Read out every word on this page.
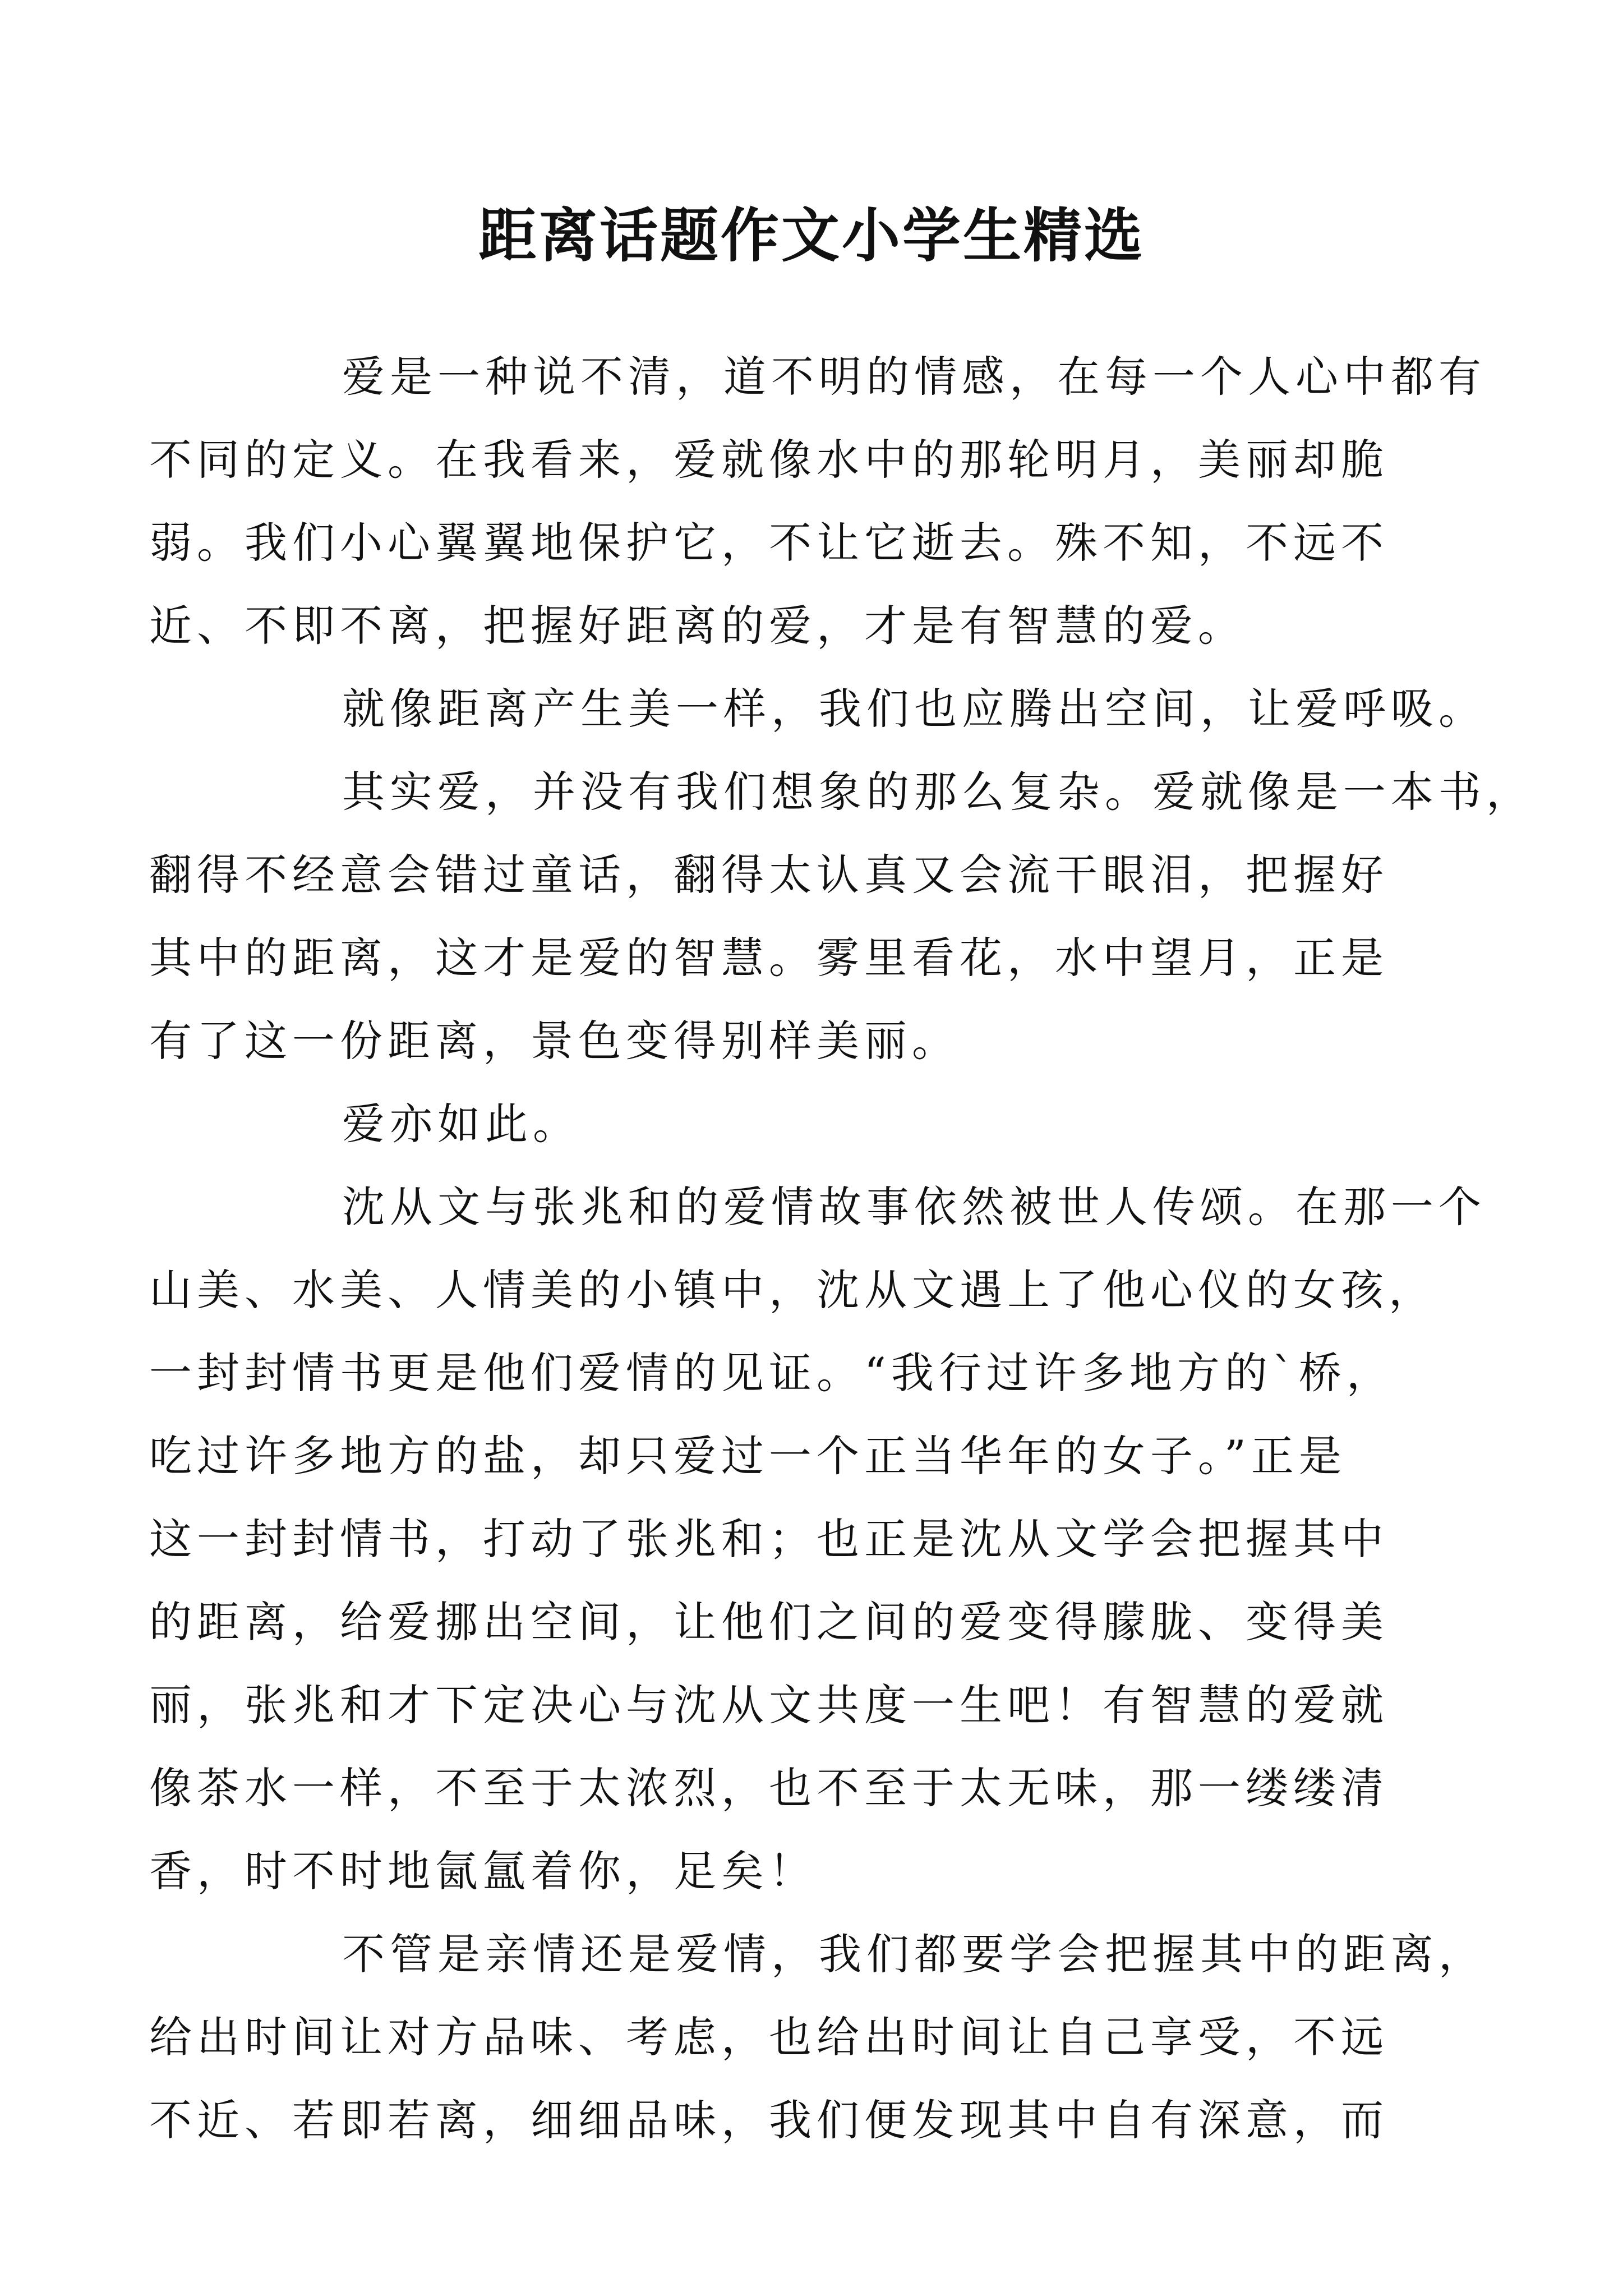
距离话题作文小学生精选

爱是一种说不清，道不明的情感，在每一个人心中都有
不同的定义。在我看来，爱就像水中的那轮明月，美丽却脆
弱。我们小心翼翼地保护它，不让它逝去。殊不知，不远不
近、不即不离，把握好距离的爱，才是有智慧的爱。

就像距离产生美一样，我们也应腾出空间，让爱呼吸。

其实爱，并没有我们想象的那么复杂。爱就像是一本书，
翻得不经意会错过童话，翻得太认真又会流干眼泪，把握好
其中的距离，这才是爱的智慧。雾里看花，水中望月，正是
有了这一份距离，景色变得别样美丽。

爱亦如此。

沈从文与张兆和的爱情故事依然被世人传颂。在那一个
山美、水美、人情美的小镇中，沈从文遇上了他心仪的女孩，
一封封情书更是他们爱情的见证。“我行过许多地方的`桥，
吃过许多地方的盐，却只爱过一个正当华年的女子。”正是
这一封封情书，打动了张兆和；也正是沈从文学会把握其中
的距离，给爱挪出空间，让他们之间的爱变得朦胧、变得美
丽，张兆和才下定决心与沈从文共度一生吧！有智慧的爱就
像茶水一样，不至于太浓烈，也不至于太无味，那一缕缕清
香，时不时地氤氲着你，足矣！

不管是亲情还是爱情，我们都要学会把握其中的距离，
给出时间让对方品味、考虑，也给出时间让自己享受，不远
不近、若即若离，细细品味，我们便发现其中自有深意，而
